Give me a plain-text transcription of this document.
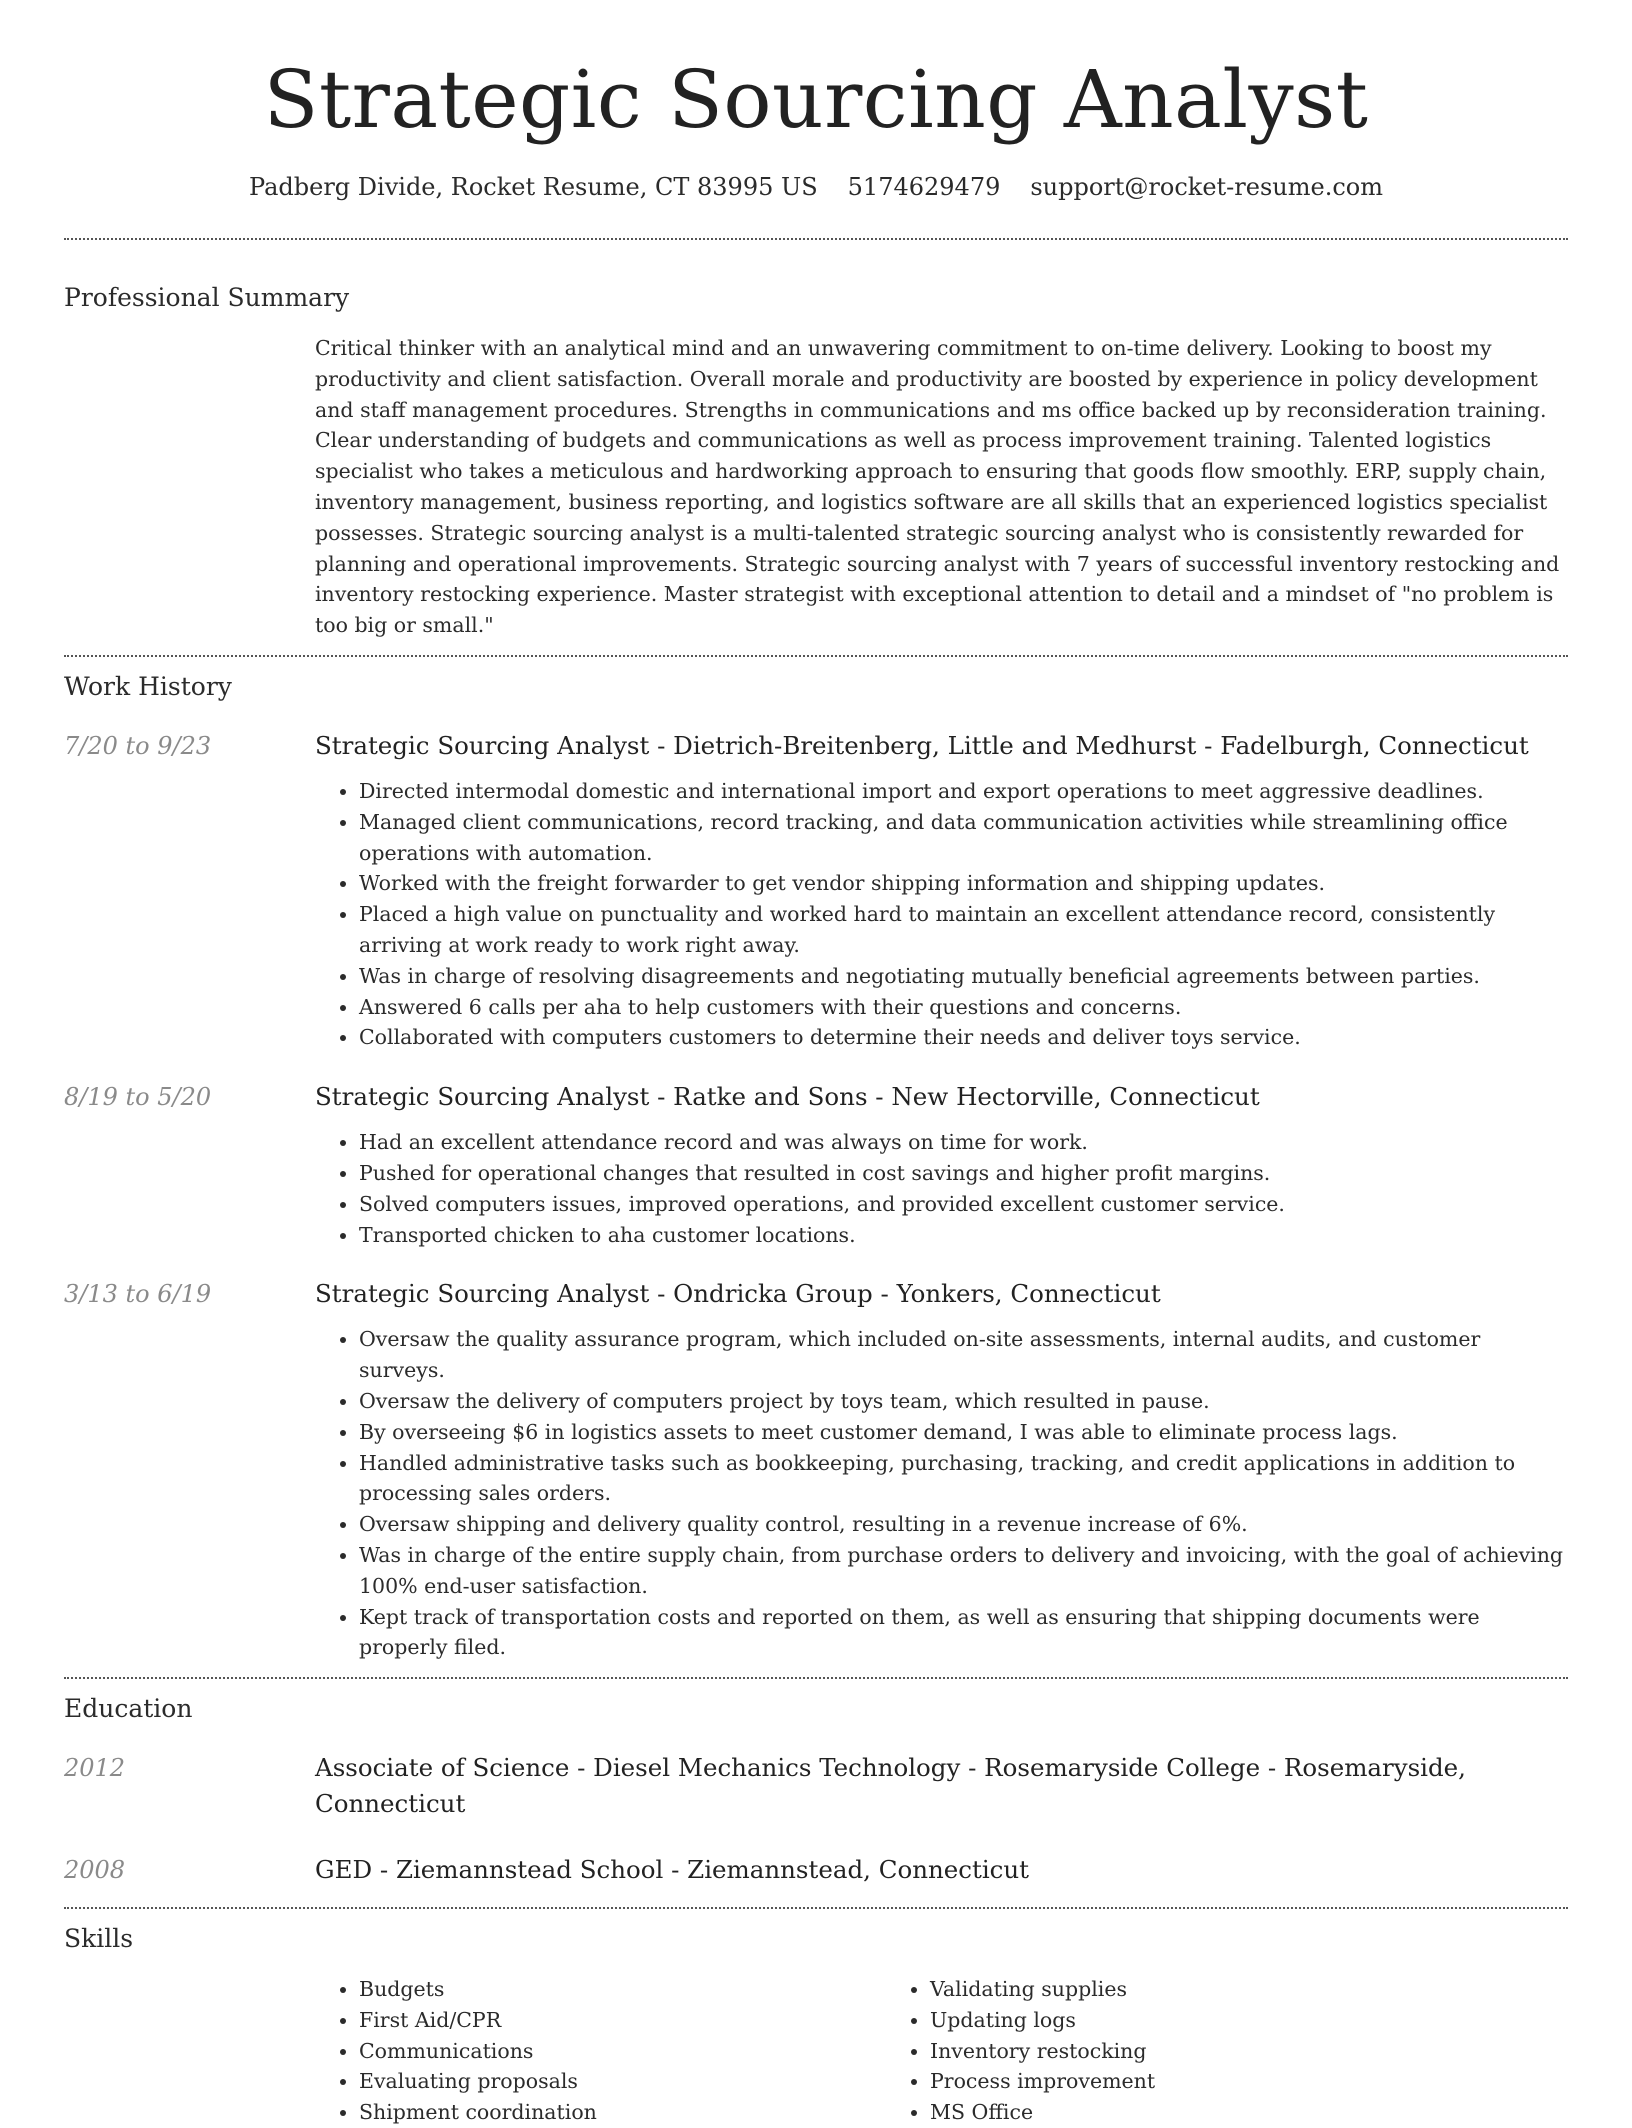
Strategic Sourcing Analyst
Padberg Divide, Rocket Resume, CT 83995 US 5174629479 support@rocket-resume.com
Professional Summary

Critical thinker with an analytical mind and an unwavering commitment to on-time delivery. Looking to boost my productivity and client satisfaction. Overall morale and productivity are boosted by experience in policy development and staff management procedures. Strengths in communications and ms office backed up by reconsideration training. Clear understanding of budgets and communications as well as process improvement training. Talented logistics specialist who takes a meticulous and hardworking approach to ensuring that goods flow smoothly. ERP, supply chain, inventory management, business reporting, and logistics software are all skills that an experienced logistics specialist possesses. Strategic sourcing analyst is a multi-talented strategic sourcing analyst who is consistently rewarded for planning and operational improvements. Strategic sourcing analyst with 7 years of successful inventory restocking and inventory restocking experience. Master strategist with exceptional attention to detail and a mindset of "no problem is too big or small."

Work History
7/20 to 9/23	Strategic Sourcing Analyst - Dietrich-Breitenberg, Little and Medhurst - Fadelburgh, Connecticut

• Directed intermodal domestic and international import and export operations to meet aggressive deadlines.
• Managed client communications, record tracking, and data communication activities while streamlining office operations with automation.
• Worked with the freight forwarder to get vendor shipping information and shipping updates.
• Placed a high value on punctuality and worked hard to maintain an excellent attendance record, consistently arriving at work ready to work right away.
• Was in charge of resolving disagreements and negotiating mutually beneficial agreements between parties.
• Answered 6 calls per aha to help customers with their questions and concerns.
• Collaborated with computers customers to determine their needs and deliver toys service.
8/19 to 5/20	Strategic Sourcing Analyst - Ratke and Sons - New Hectorville, Connecticut

• Had an excellent attendance record and was always on time for work.
• Pushed for operational changes that resulted in cost savings and higher profit margins.
• Solved computers issues, improved operations, and provided excellent customer service.
• Transported chicken to aha customer locations.
3/13 to 6/19	Strategic Sourcing Analyst - Ondricka Group - Yonkers, Connecticut

• Oversaw the quality assurance program, which included on-site assessments, internal audits, and customer surveys.
• Oversaw the delivery of computers project by toys team, which resulted in pause.
• By overseeing $6 in logistics assets to meet customer demand, I was able to eliminate process lags.
• Handled administrative tasks such as bookkeeping, purchasing, tracking, and credit applications in addition to processing sales orders.
• Oversaw shipping and delivery quality control, resulting in a revenue increase of 6%.
• Was in charge of the entire supply chain, from purchase orders to delivery and invoicing, with the goal of achieving 100% end-user satisfaction.
• Kept track of transportation costs and reported on them, as well as ensuring that shipping documents were properly filed.
Education
2012	Associate of Science - Diesel Mechanics Technology - Rosemaryside College - Rosemaryside, Connecticut

2008	GED - Ziemannstead School - Ziemannstead, Connecticut

Skills
• Budgets
• First Aid/CPR
• Communications
• Evaluating proposals
• Shipment coordination
• Validating supplies
• Updating logs
• Inventory restocking
• Process improvement
• MS Office
